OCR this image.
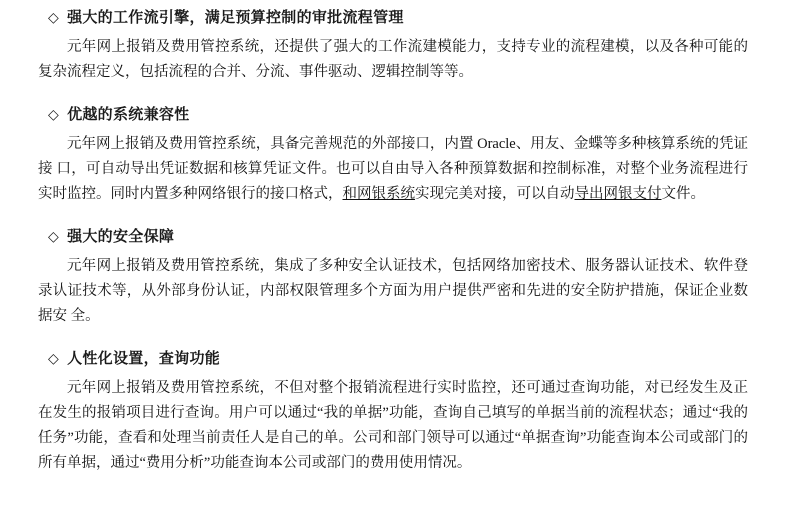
◇ 强大的工作流引擎，满足预算控制的审批流程管理

元年网上报销及费用管控系统，还提供了强大的工作流建模能力，支持专业的流程建模，以及各种可能的复杂流程定义，包括流程的合并、分流、事件驱动、逻辑控制等等。

◇ 优越的系统兼容性

元年网上报销及费用管控系统，具备完善规范的外部接口，内置 Oracle、用友、金蝶等多种核算系统的凭证接 口，可自动导出凭证数据和核算凭证文件。也可以自由导入各种预算数据和控制标准，对整个业务流程进行实时监控。同时内置多种网络银行的接口格式，和网银系统实现完美对接，可以自动导出网银支付文件。

◇ 强大的安全保障

元年网上报销及费用管控系统，集成了多种安全认证技术，包括网络加密技术、服务器认证技术、软件登录认证技术等，从外部身份认证，内部权限管理多个方面为用户提供严密和先进的安全防护措施，保证企业数据安 全。

◇ 人性化设置，查询功能

元年网上报销及费用管控系统，不但对整个报销流程进行实时监控，还可通过查询功能，对已经发生及正在发生的报销项目进行查询。用户可以通过“我的单据”功能，查询自己填写的单据当前的流程状态；通过“我的任务”功能，查看和处理当前责任人是自己的单。公司和部门领导可以通过“单据查询”功能查询本公司或部门的所有单据，通过“费用分析”功能查询本公司或部门的费用使用情况。
